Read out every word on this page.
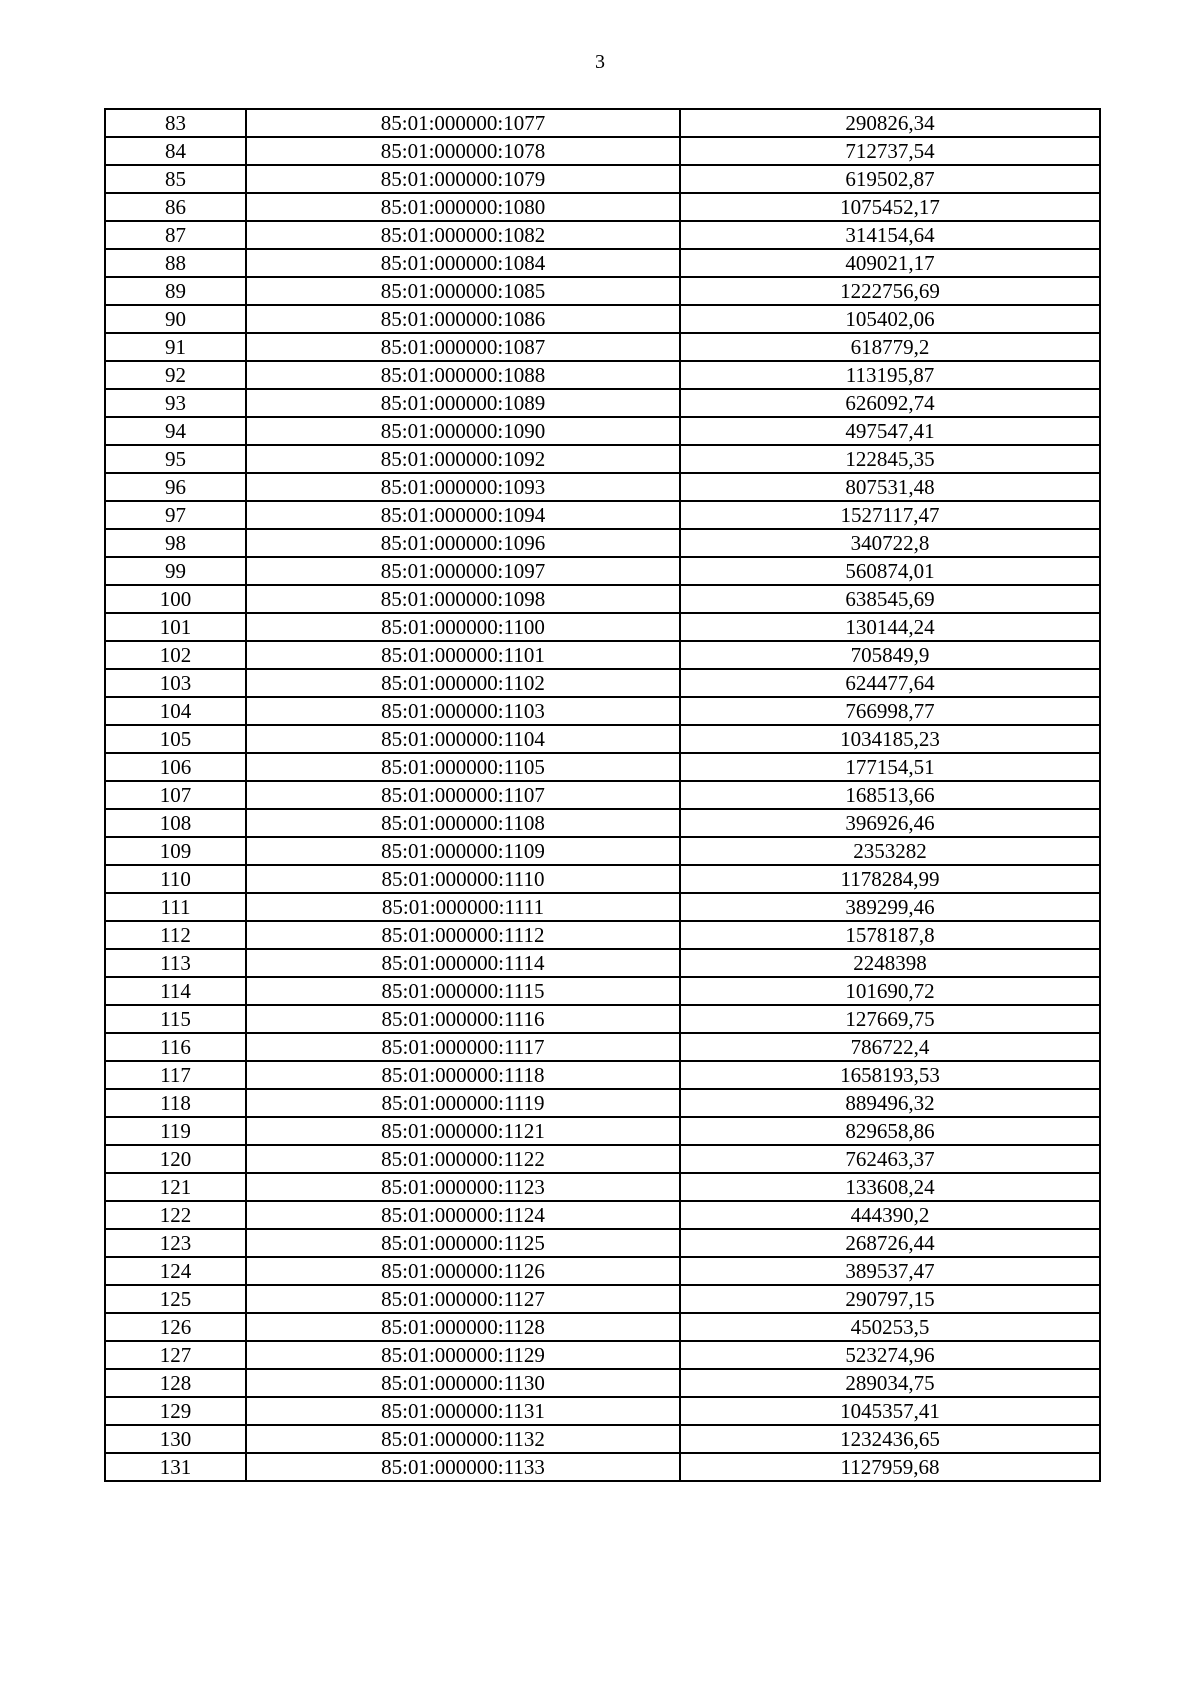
3
83	85:01:000000:1077	290826,34
84	85:01:000000:1078	712737,54
85	85:01:000000:1079	619502,87
86	85:01:000000:1080	1075452,17
87	85:01:000000:1082	314154,64
88	85:01:000000:1084	409021,17
89	85:01:000000:1085	1222756,69
90	85:01:000000:1086	105402,06
91	85:01:000000:1087	618779,2
92	85:01:000000:1088	113195,87
93	85:01:000000:1089	626092,74
94	85:01:000000:1090	497547,41
95	85:01:000000:1092	122845,35
96	85:01:000000:1093	807531,48
97	85:01:000000:1094	1527117,47
98	85:01:000000:1096	340722,8
99	85:01:000000:1097	560874,01
100	85:01:000000:1098	638545,69
101	85:01:000000:1100	130144,24
102	85:01:000000:1101	705849,9
103	85:01:000000:1102	624477,64
104	85:01:000000:1103	766998,77
105	85:01:000000:1104	1034185,23
106	85:01:000000:1105	177154,51
107	85:01:000000:1107	168513,66
108	85:01:000000:1108	396926,46
109	85:01:000000:1109	2353282
110	85:01:000000:1110	1178284,99
111	85:01:000000:1111	389299,46
112	85:01:000000:1112	1578187,8
113	85:01:000000:1114	2248398
114	85:01:000000:1115	101690,72
115	85:01:000000:1116	127669,75
116	85:01:000000:1117	786722,4
117	85:01:000000:1118	1658193,53
118	85:01:000000:1119	889496,32
119	85:01:000000:1121	829658,86
120	85:01:000000:1122	762463,37
121	85:01:000000:1123	133608,24
122	85:01:000000:1124	444390,2
123	85:01:000000:1125	268726,44
124	85:01:000000:1126	389537,47
125	85:01:000000:1127	290797,15
126	85:01:000000:1128	450253,5
127	85:01:000000:1129	523274,96
128	85:01:000000:1130	289034,75
129	85:01:000000:1131	1045357,41
130	85:01:000000:1132	1232436,65
131	85:01:000000:1133	1127959,68
